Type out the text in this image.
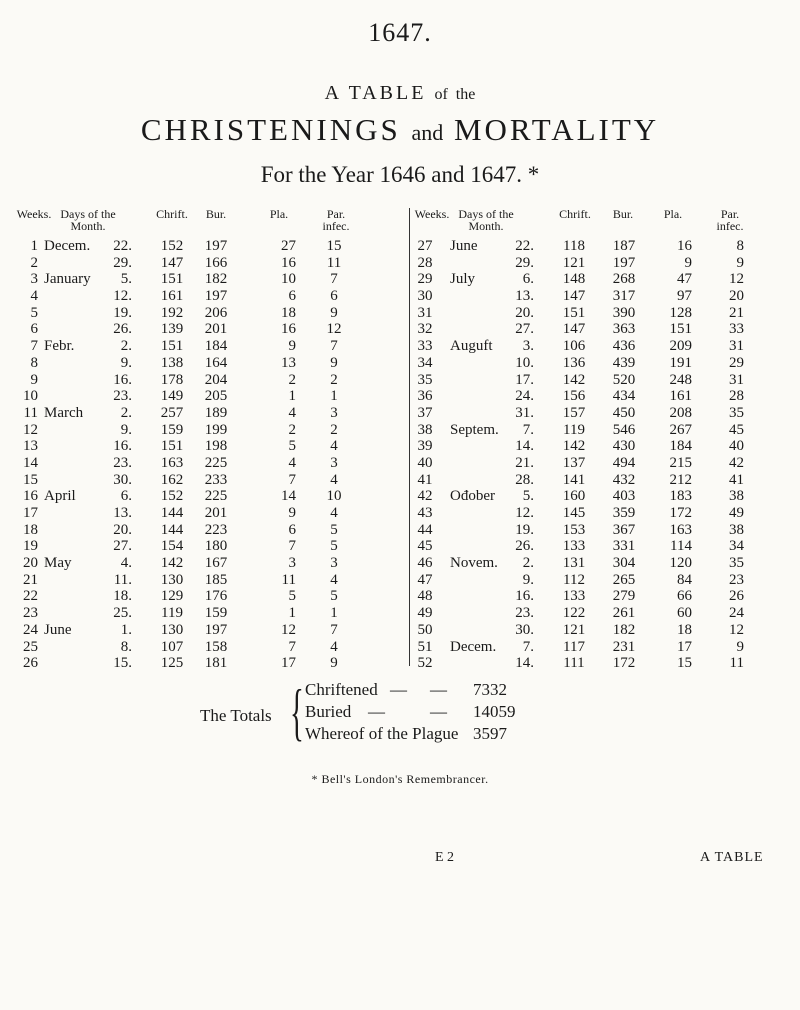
1647.
A TABLE of the
CHRISTENINGS and MORTALITY
For the Year 1646 and 1647. *
Weeks. Days of the
Month.
Chrift.	Bur.	Pla.	Par.
infec.
Weeks. Days of the
Month.
Chrift.	Bur.	Pla.	Par.
infec.
1 Decem.	22.	152	197	27	15	27	June	22.	118	187	16	8
2	29.	147	166	16	11	28	29.	121	197	9	9
3 January	5.	151	182	10	7	29	July	6.	148	268	47	12
4	12.	161	197	6	6	30	13.	147	317	97	20
5	19.	192	206	18	9	31	20.	151	390	128	21
6	26.	139	201	16	12	32	27.	147	363	151	33
7 Febr.	2.	151	184	9	7	33	Auguft	3.	106	436	209	31
8	9.	138	164	13	9	34	10.	136	439	191	29
9	16.	178	204	2	2	35	17.	142	520	248	31
10	23.	149	205	1	1	36	24.	156	434	161	28
11 March	2.	257	189	4	3	37	31.	157	450	208	35
12	9.	159	199	2	2	38	Septem.	7.	119	546	267	45
13	16.	151	198	5	4	39	14.	142	430	184	40
14	23.	163	225	4	3	40	21.	137	494	215	42
15	30.	162	233	7	4	41	28.	141	432	212	41
16 April	6.	152	225	14	10	42	Ođober	5.	160	403	183	38
17	13.	144	201	9	4	43	12.	145	359	172	49
18	20.	144	223	6	5	44	19.	153	367	163	38
19	27.	154	180	7	5	45	26.	133	331	114	34
20 May	4.	142	167	3	3	46	Novem.	2.	131	304	120	35
21	11.	130	185	11	4	47	9.	112	265	84	23
22	18.	129	176	5	5	48	16.	133	279	66	26
23	25.	119	159	1	1	49	23.	122	261	60	24
24 June	1.	130	197	12	7	50	30.	121	182	18	12
25	8.	107	158	7	4	51	Decem.	7.	117	231	17	9
26	15.	125	181	17	9	52	14.	111	172	15	11
The Totals { Chriftened — — 7332
Buried —	— 14059
Whereof of the Plague 3597
* Bell's London's Remembrancer.
E 2	A TABLE
